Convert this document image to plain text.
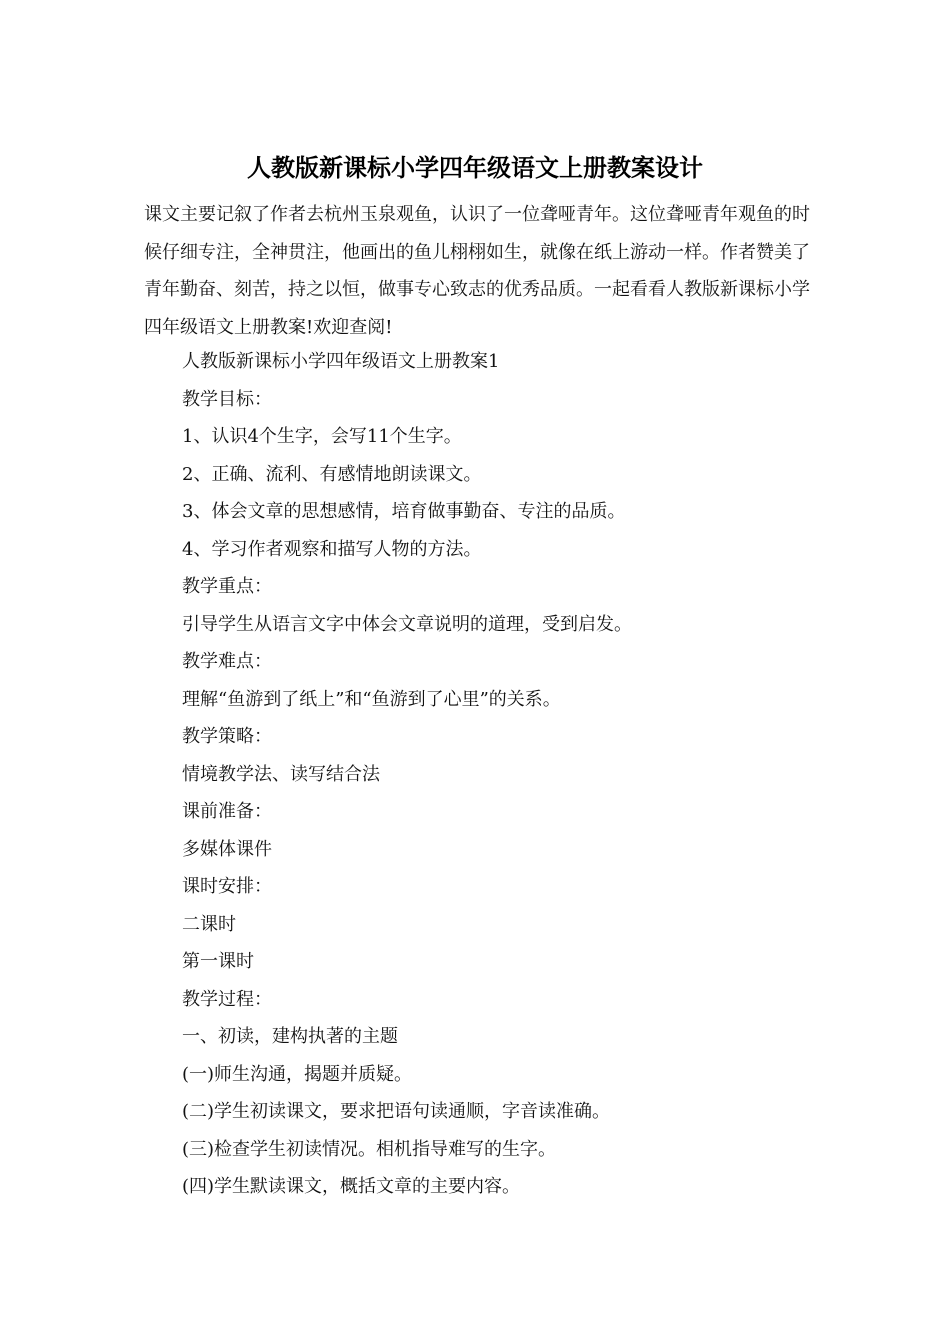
人教版新课标小学四年级语文上册教案设计
课文主要记叙了作者去杭州玉泉观鱼，认识了一位聋哑青年。这位聋哑青年观鱼的时候仔细专注，全神贯注，他画出的鱼儿栩栩如生，就像在纸上游动一样。作者赞美了青年勤奋、刻苦，持之以恒，做事专心致志的优秀品质。一起看看人教版新课标小学四年级语文上册教案!欢迎查阅!
人教版新课标小学四年级语文上册教案1
教学目标：
1、认识4个生字，会写11个生字。
2、正确、流利、有感情地朗读课文。
3、体会文章的思想感情，培育做事勤奋、专注的品质。
4、学习作者观察和描写人物的方法。
教学重点：
引导学生从语言文字中体会文章说明的道理，受到启发。
教学难点：
理解“鱼游到了纸上”和“鱼游到了心里”的关系。
教学策略：
情境教学法、读写结合法
课前准备：
多媒体课件
课时安排：
二课时
第一课时
教学过程：
一、初读，建构执著的主题
(一)师生沟通，揭题并质疑。
(二)学生初读课文，要求把语句读通顺，字音读准确。
(三)检查学生初读情况。相机指导难写的生字。
(四)学生默读课文，概括文章的主要内容。
